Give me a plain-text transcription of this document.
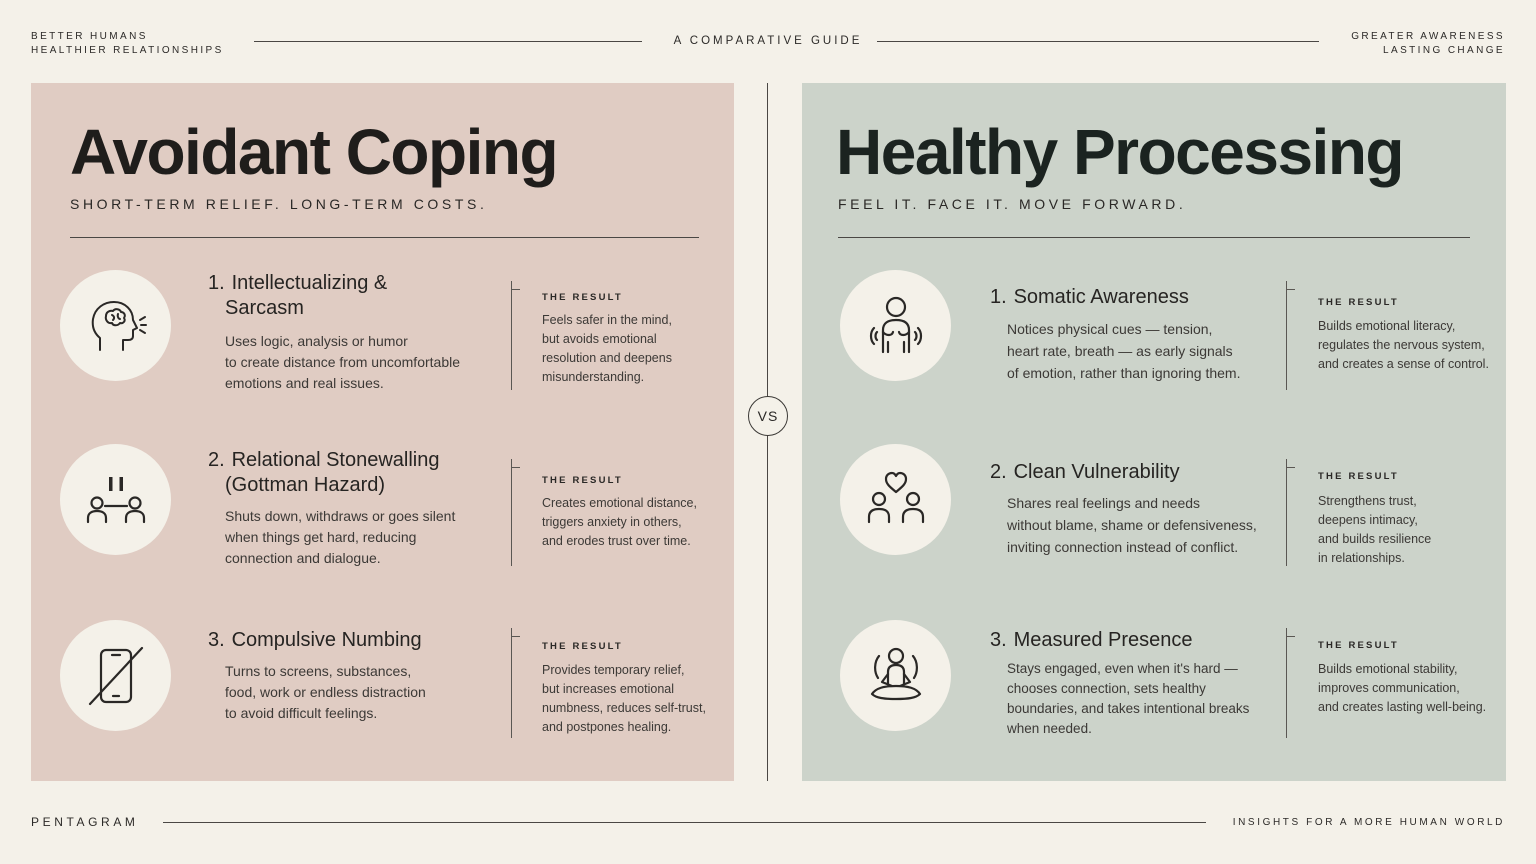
BETTER HUMANS
HEALTHIER RELATIONSHIPS
A COMPARATIVE GUIDE	GREATER AWARENESS
LASTING CHANGE
Avoidant Coping
SHORT-TERM RELIEF. LONG-TERM COSTS.
1. Intellectualizing &
Sarcasm
Uses logic, analysis or humor
to create distance from uncomfortable
emotions and real issues.
THE RESULT
Feels safer in the mind,
but avoids emotional
resolution and deepens
misunderstanding.
2. Relational Stonewalling
(Gottman Hazard)
Shuts down, withdraws or goes silent
when things get hard, reducing
connection and dialogue.
THE RESULT
Creates emotional distance,
triggers anxiety in others,
and erodes trust over time.
3. Compulsive Numbing
Turns to screens, substances,
food, work or endless distraction
to avoid difficult feelings.
THE RESULT
Provides temporary relief,
but increases emotional
numbness, reduces self-trust,
and postpones healing.
VS
Healthy Processing
FEEL IT. FACE IT. MOVE FORWARD.
1. Somatic Awareness
Notices physical cues — tension,
heart rate, breath — as early signals
of emotion, rather than ignoring them.
THE RESULT
Builds emotional literacy,
regulates the nervous system,
and creates a sense of control.
2. Clean Vulnerability
Shares real feelings and needs
without blame, shame or defensiveness,
inviting connection instead of conflict.
THE RESULT
Strengthens trust,
deepens intimacy,
and builds resilience
in relationships.
3. Measured Presence
Stays engaged, even when it's hard —
chooses connection, sets healthy
boundaries, and takes intentional breaks
when needed.
THE RESULT
Builds emotional stability,
improves communication,
and creates lasting well-being.
PENTAGRAM	INSIGHTS FOR A MORE HUMAN WORLD
